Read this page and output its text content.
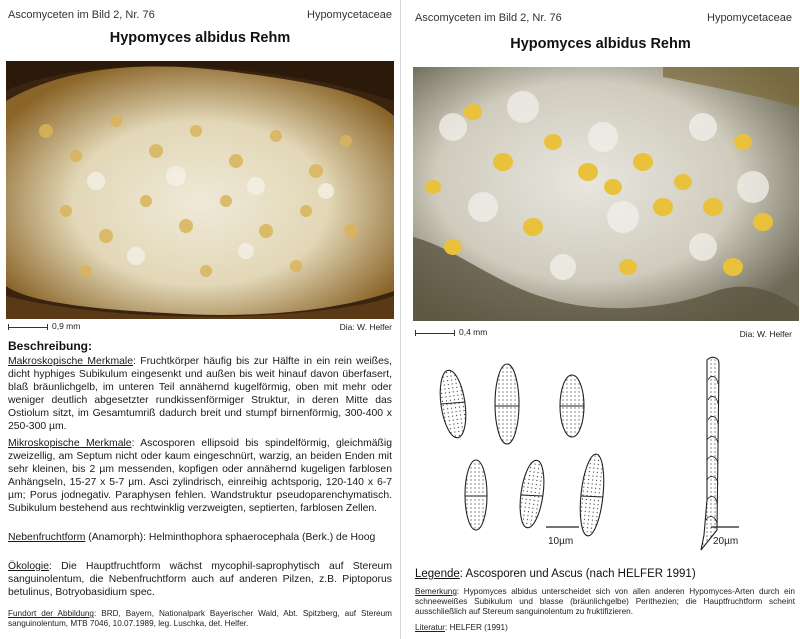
Ascomyceten im Bild 2, Nr. 76	Hypomycetaceae
Hypomyces albidus Rehm
0,9 mm	Dia: W. Helfer
Beschreibung:
Makroskopische Merkmale: Fruchtkörper häufig bis zur Hälfte in ein rein weißes, dicht hyphiges Subikulum eingesenkt und außen bis weit hinauf davon überfasert, blaß bräunlichgelb, im unteren Teil annähernd kugelförmig, oben mit mehr oder weniger deutlich abgesetzter rundkissenförmiger Struktur, in deren Mitte das Ostiolum sitzt, im Gesamtumriß dadurch breit und stumpf birnenförmig, 300-400 x 250-300 µm.
Mikroskopische Merkmale: Ascosporen ellipsoid bis spindelförmig, gleichmäßig zweizellig, am Septum nicht oder kaum eingeschnürt, warzig, an beiden Enden mit sehr kleinen, bis 2 µm messenden, kopfigen oder annähernd kugeligen farblosen Anhängseln, 15-27 x 5-7 µm. Asci zylindrisch, einreihig achtsporig, 120-140 x 6-7 µm; Porus jodnegativ. Paraphysen fehlen. Wandstruktur pseudoparenchymatisch. Subikulum bestehend aus rechtwinklig verzweigten, septierten, farblosen Zellen.
Nebenfruchtform (Anamorph): Helminthophora sphaerocephala (Berk.) de Hoog
Ökologie: Die Hauptfruchtform wächst mycophil-saprophytisch auf Stereum sanguinolentum, die Nebenfruchtform auch auf anderen Pilzen, z.B. Piptoporus betulinus, Botryobasidium spec.
Fundort der Abbildung: BRD, Bayern, Nationalpark Bayerischer Wald, Abt. Spitzberg, auf Stereum sanguinolentum, MTB 7046, 10.07.1989, leg. Luschka, det. Helfer.
Ascomyceten im Bild 2, Nr. 76	Hypomycetaceae
Hypomyces albidus Rehm
0,4 mm	Dia: W. Helfer
10µm	20µm
Legende: Ascosporen und Ascus (nach HELFER 1991)
Bemerkung: Hypomyces albidus unterscheidet sich von allen anderen Hypomyces-Arten durch ein schneeweißes Subikulum und blasse (bräunlichgelbe) Perithezien; die Hauptfruchtform scheint ausschließlich auf Stereum sanguinolentum zu fruktifizieren.
Literatur: HELFER (1991)
